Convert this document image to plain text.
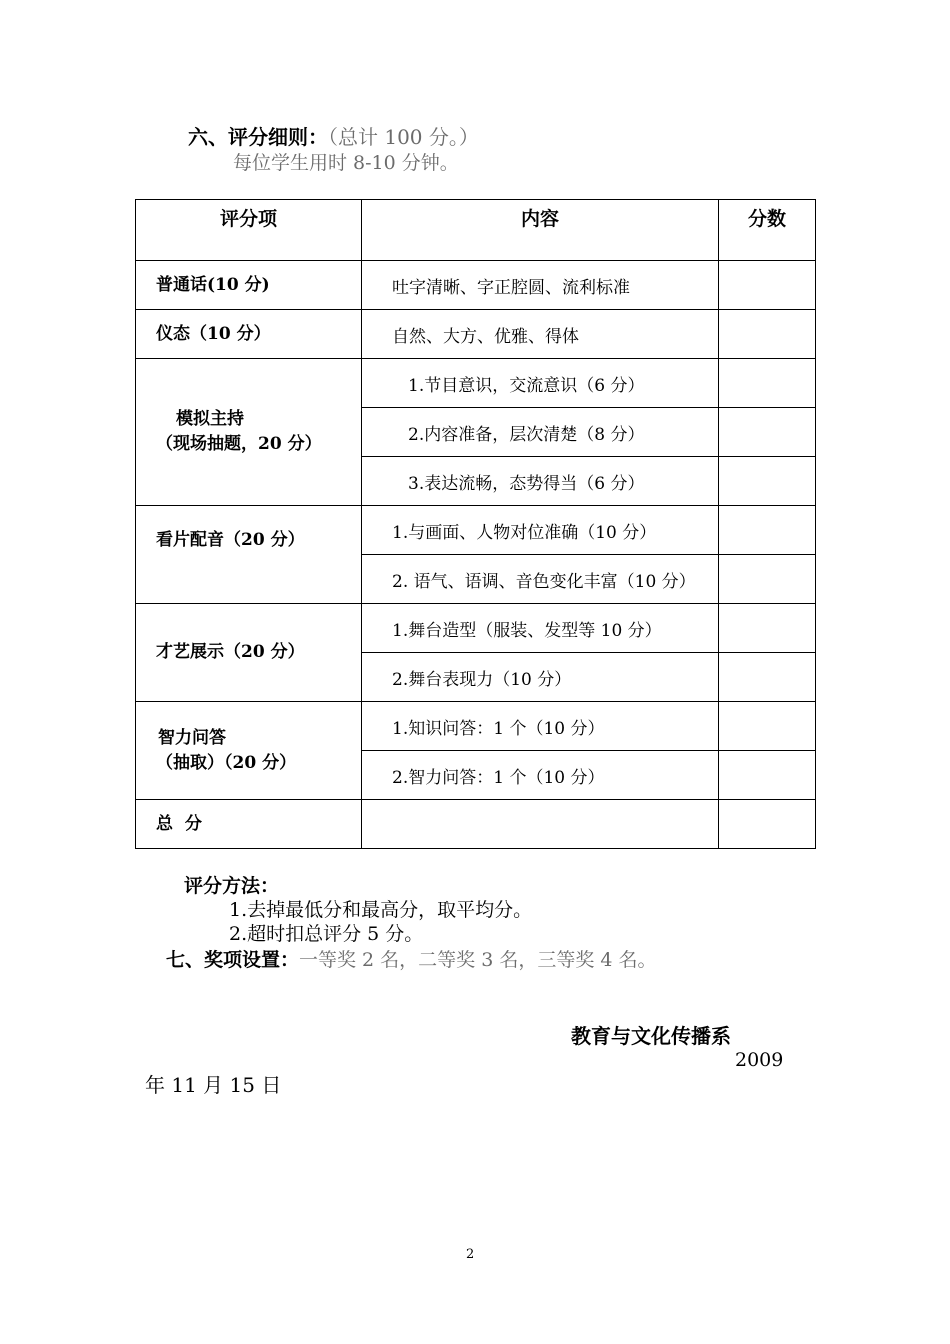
六、评分细则：（总计 100 分。）
每位学生用时 8-10 分钟。
评分项	内容	分数
普通话(10 分)	吐字清晰、字正腔圆、流利标准	
仪态（10 分）	自然、大方、优雅、得体	

模拟主持
（现场抽题，20 分）	1.节目意识，交流意识（6 分）	
	2.内容准备，层次清楚（8 分）	
	3.表达流畅，态势得当（6 分）	
看片配音（20 分）	1.与画面、人物对位准确（10 分）	
	2. 语气、语调、音色变化丰富（10 分）	
才艺展示（20 分）	1.舞台造型（服装、发型等 10 分）	
	2.舞台表现力（10 分）	

智力问答
（抽取）（20 分）	1.知识问答：1 个（10 分）	
	2.智力问答：1 个（10 分）	
总  分		
评分方法：
1.去掉最低分和最高分，取平均分。
2.超时扣总评分 5 分。
七、奖项设置：一等奖 2 名，二等奖 3 名，三等奖 4 名。
教育与文化传播系
2009
年 11 月 15 日
2
